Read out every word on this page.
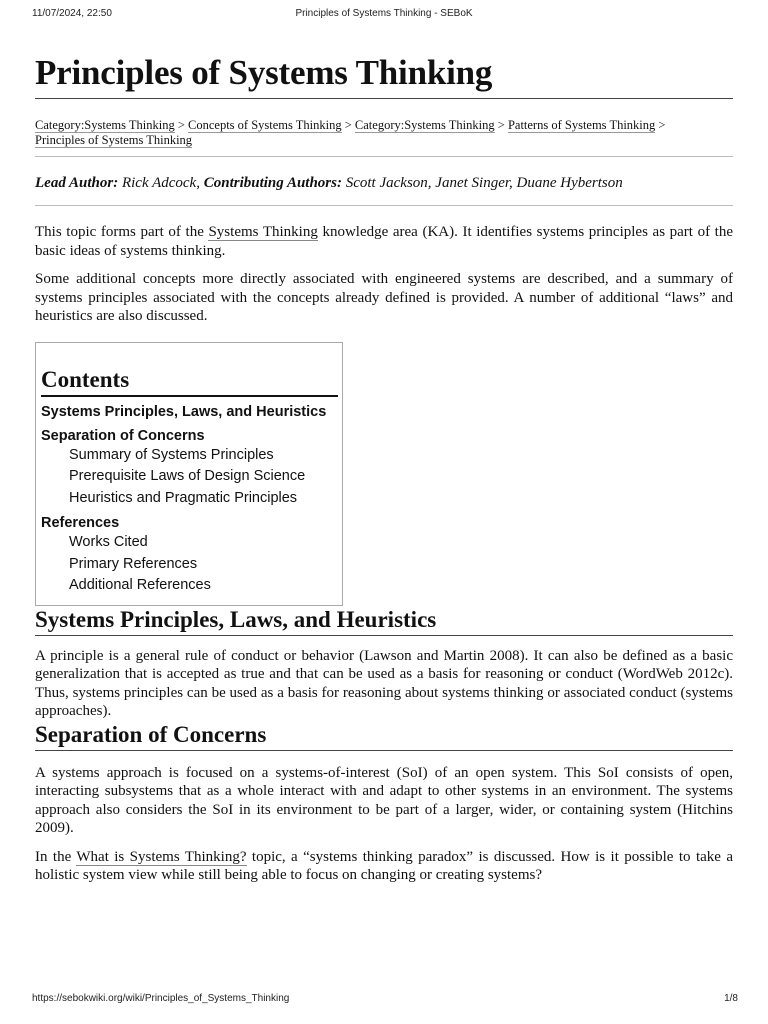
11/07/2024, 22:50	Principles of Systems Thinking - SEBoK
Principles of Systems Thinking
Category:Systems Thinking > Concepts of Systems Thinking > Category:Systems Thinking > Patterns of Systems Thinking >
Principles of Systems Thinking
Lead Author: Rick Adcock, Contributing Authors: Scott Jackson, Janet Singer, Duane Hybertson

This topic forms part of the Systems Thinking knowledge area (KA). It identifies systems principles as part of the basic ideas of systems thinking.

Some additional concepts more directly associated with engineered systems are described, and a summary of systems principles associated with the concepts already defined is provided. A number of additional “laws” and heuristics are also discussed.

Contents
Systems Principles, Laws, and Heuristics
Separation of Concerns
Summary of Systems Principles
Prerequisite Laws of Design Science
Heuristics and Pragmatic Principles
References
Works Cited
Primary References
Additional References
Systems Principles, Laws, and Heuristics

A principle is a general rule of conduct or behavior (Lawson and Martin 2008). It can also be defined as a basic generalization that is accepted as true and that can be used as a basis for reasoning or conduct (WordWeb 2012c). Thus, systems principles can be used as a basis for reasoning about systems thinking or associated conduct (systems approaches).

Separation of Concerns

A systems approach is focused on a systems-of-interest (SoI) of an open system. This SoI consists of open, interacting subsystems that as a whole interact with and adapt to other systems in an environment. The systems approach also considers the SoI in its environment to be part of a larger, wider, or containing system (Hitchins 2009).

In the What is Systems Thinking? topic, a “systems thinking paradox” is discussed. How is it possible to take a holistic system view while still being able to focus on changing or creating systems?

https://sebokwiki.org/wiki/Principles_of_Systems_Thinking	1/8
